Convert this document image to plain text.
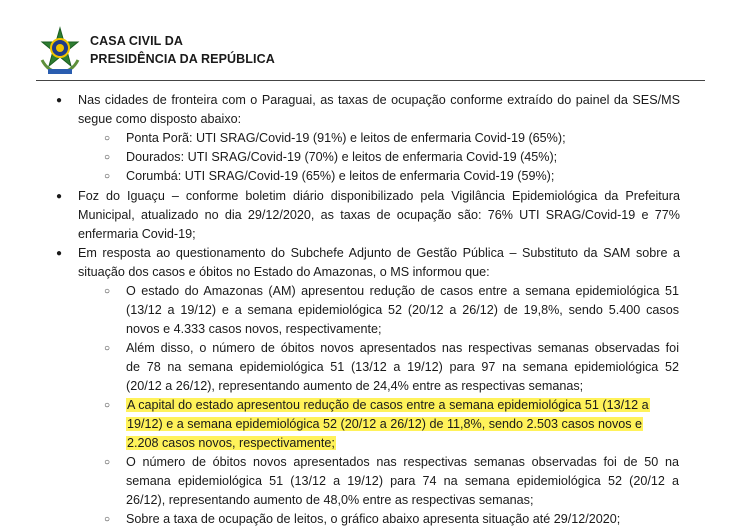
CASA CIVIL DA
PRESIDÊNCIA DA REPÚBLICA
● Nas cidades de fronteira com o Paraguai, as taxas de ocupação conforme extraído do painel da SES/MS
segue como disposto abaixo:
○ Ponta Porã: UTI SRAG/Covid-19 (91%) e leitos de enfermaria Covid-19 (65%);
○ Dourados: UTI SRAG/Covid-19 (70%) e leitos de enfermaria Covid-19 (45%);
○ Corumbá: UTI SRAG/Covid-19 (65%) e leitos de enfermaria Covid-19 (59%);
● Foz do Iguaçu – conforme boletim diário disponibilizado pela Vigilância Epidemiológica da Prefeitura
Municipal, atualizado no dia 29/12/2020, as taxas de ocupação são: 76% UTI SRAG/Covid-19 e 77%
enfermaria Covid-19;
● Em resposta ao questionamento do Subchefe Adjunto de Gestão Pública – Substituto da SAM sobre a
situação dos casos e óbitos no Estado do Amazonas, o MS informou que:
○ O estado do Amazonas (AM) apresentou redução de casos entre a semana epidemiológica 51
(13/12 a 19/12) e a semana epidemiológica 52 (20/12 a 26/12) de 19,8%, sendo 5.400 casos
novos e 4.333 casos novos, respectivamente;
○ Além disso, o número de óbitos novos apresentados nas respectivas semanas observadas foi
de 78 na semana epidemiológica 51 (13/12 a 19/12) para 97 na semana epidemiológica 52
(20/12 a 26/12), representando aumento de 24,4% entre as respectivas semanas;
○ A capital do estado apresentou redução de casos entre a semana epidemiológica 51 (13/12 a
19/12) e a semana epidemiológica 52 (20/12 a 26/12) de 11,8%, sendo 2.503 casos novos e
2.208 casos novos, respectivamente;
○ O número de óbitos novos apresentados nas respectivas semanas observadas foi de 50 na
semana epidemiológica 51 (13/12 a 19/12) para 74 na semana epidemiológica 52 (20/12 a
26/12), representando aumento de 48,0% entre as respectivas semanas;
○ Sobre a taxa de ocupação de leitos, o gráfico abaixo apresenta situação até 29/12/2020;
